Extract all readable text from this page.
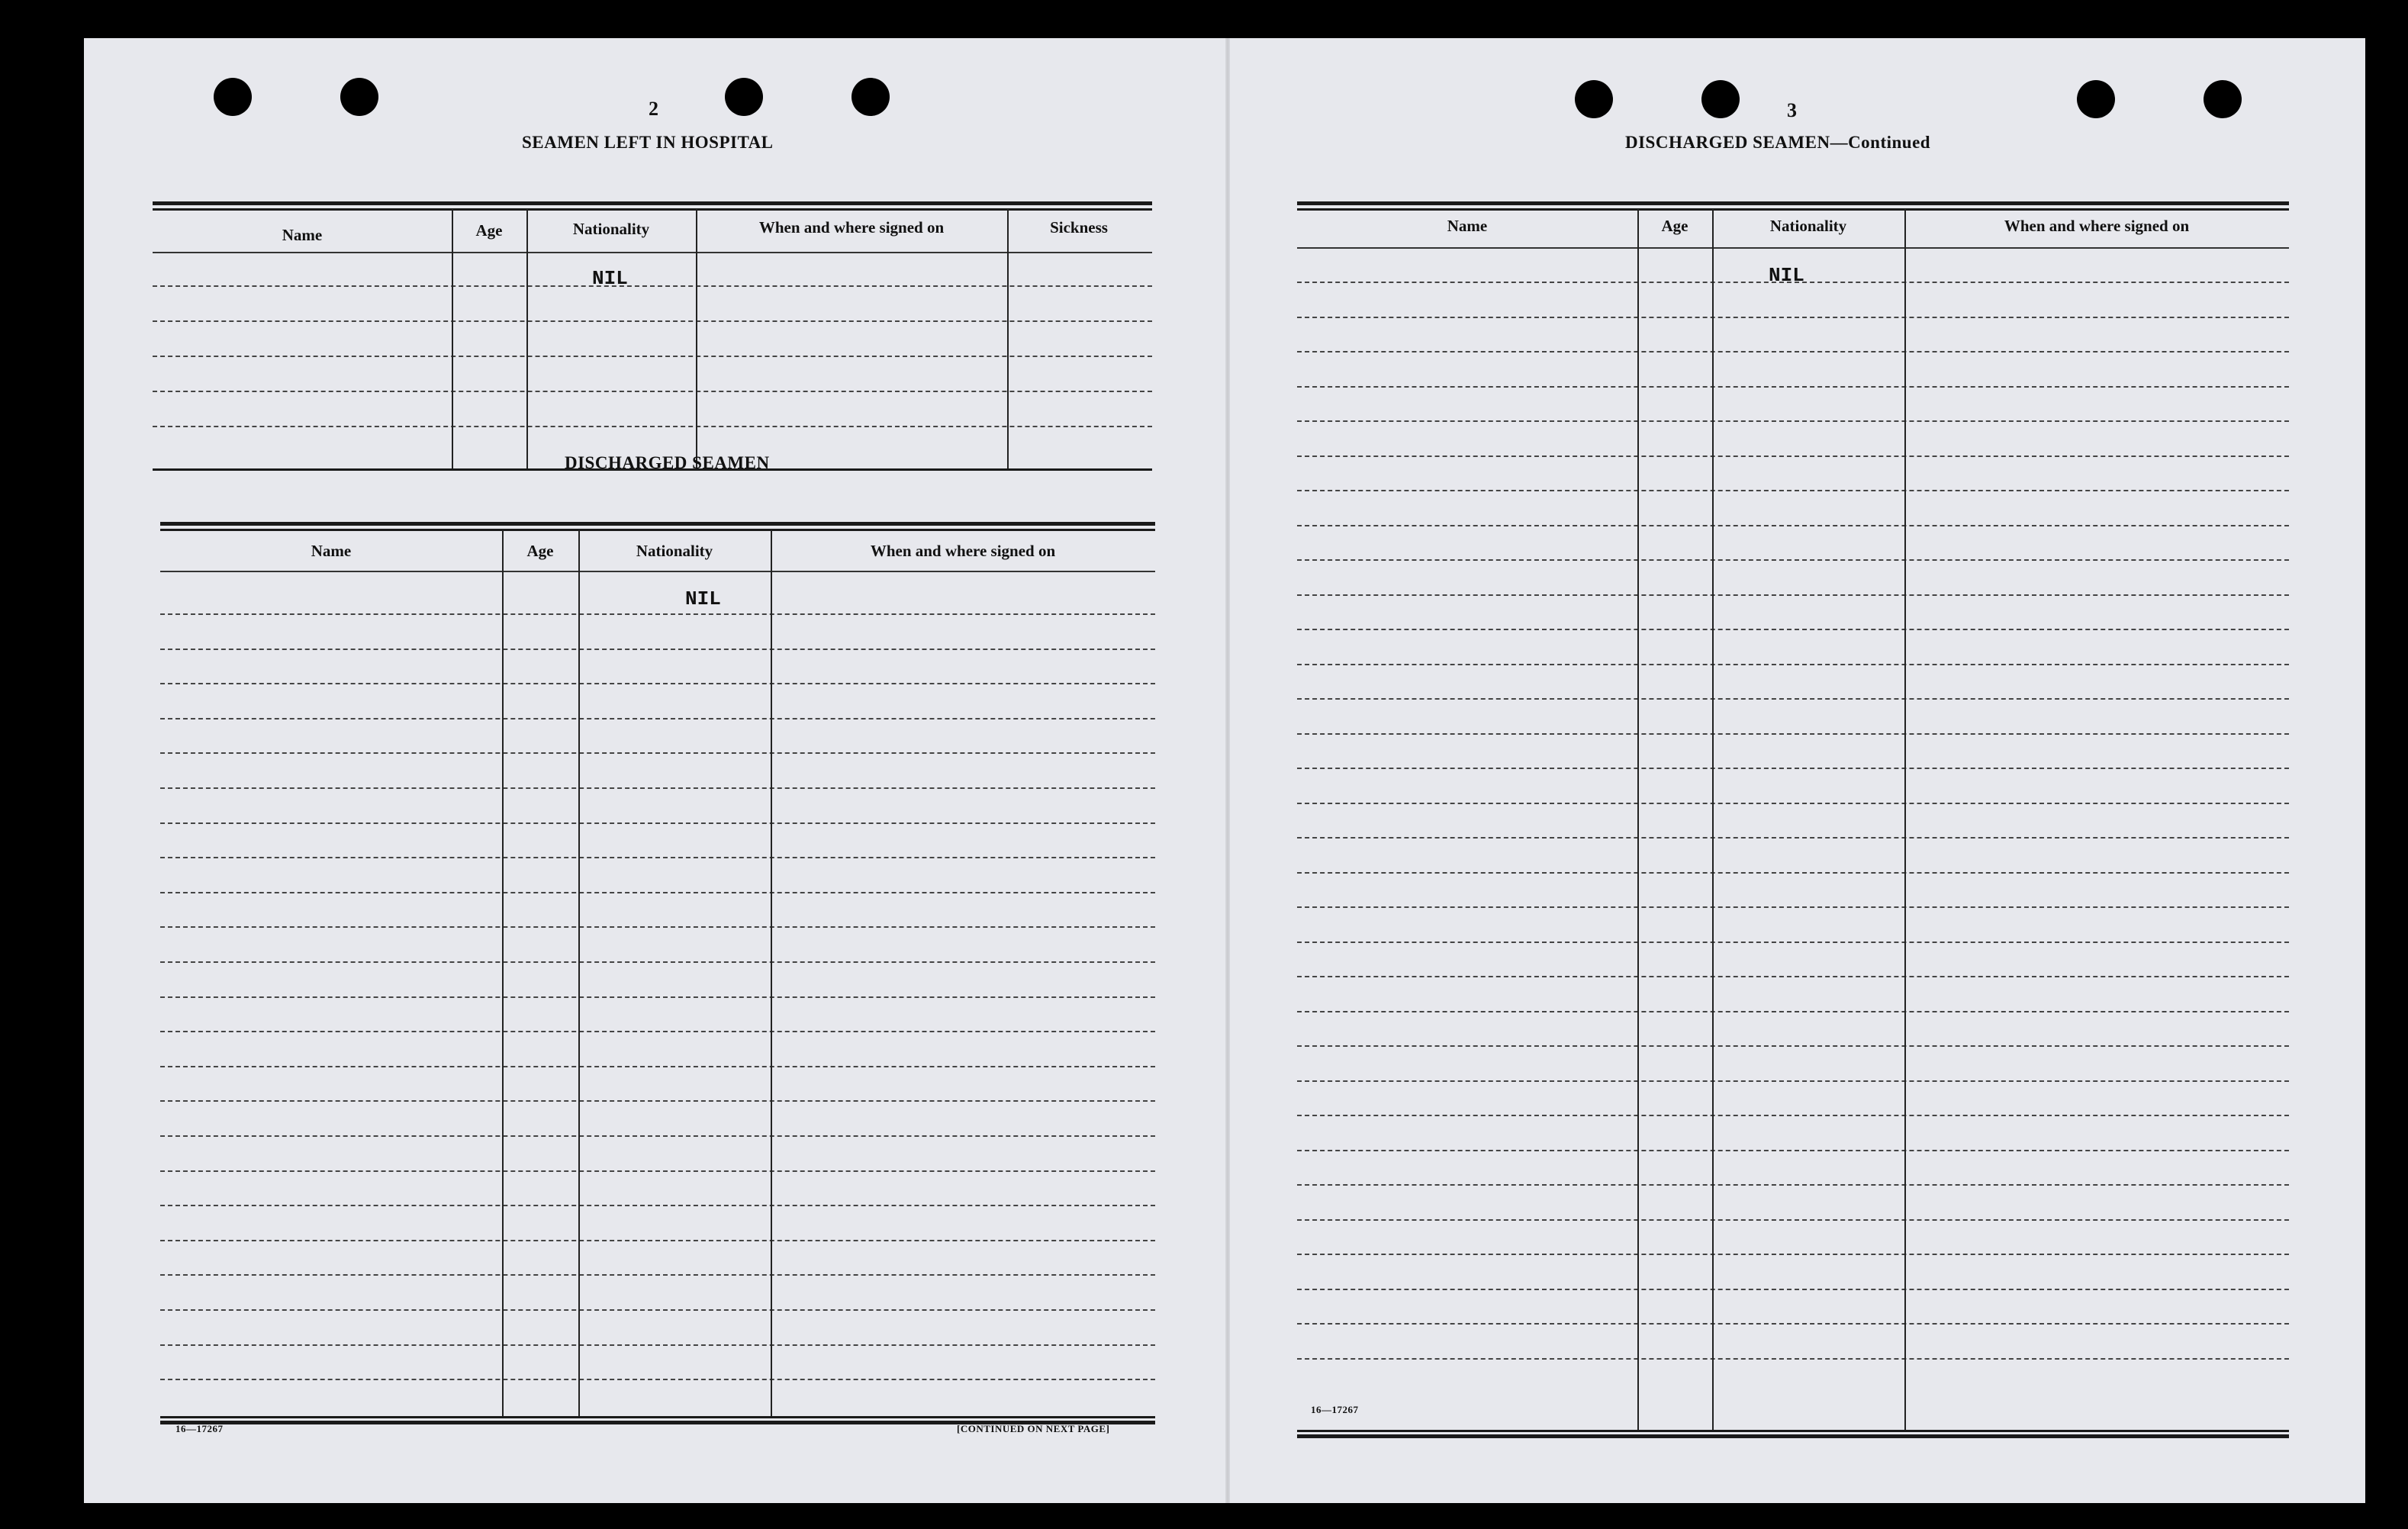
2
SEAMEN LEFT IN HOSPITAL
Name	Age	Nationality	When and where signed on	Sickness
NIL
DISCHARGED SEAMEN
Name	Age	Nationality	When and where signed on
NIL
16—17267	[CONTINUED ON NEXT PAGE]
3
DISCHARGED SEAMEN—Continued
Name	Age	Nationality	When and where signed on
NIL
16—17267
